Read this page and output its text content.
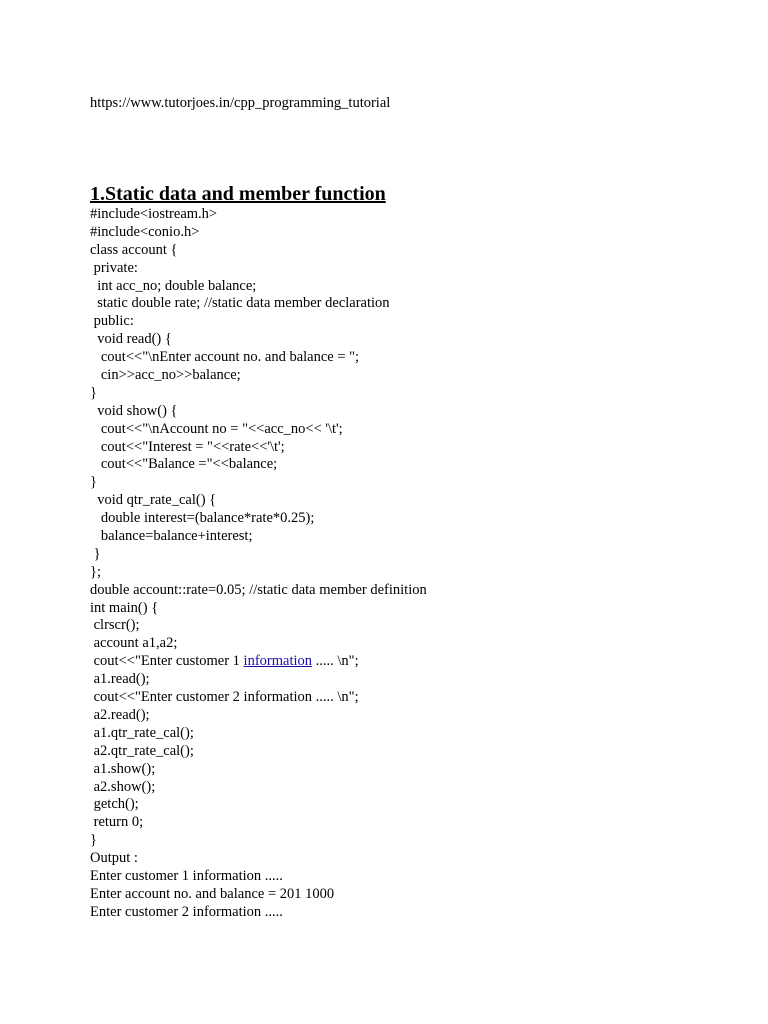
https://www.tutorjoes.in/cpp_programming_tutorial
1.Static data and member function
#include<iostream.h>
#include<conio.h>
class account {
private:
int acc_no; double balance;
static double rate; //static data member declaration
public:
void read() {
cout<<"\nEnter account no. and balance = ";
cin>>acc_no>>balance;
}
void show() {
cout<<"\nAccount no = "<<acc_no<< '\t';
cout<<"Interest = "<<rate<<'\t';
cout<<"Balance ="<<balance;
}
void qtr_rate_cal() {
double interest=(balance*rate*0.25);
balance=balance+interest;
}
};
double account::rate=0.05; //static data member definition
int main() {
clrscr();
account a1,a2;
cout<<"Enter customer 1 information ..... \n";
a1.read();
cout<<"Enter customer 2 information ..... \n";
a2.read();
a1.qtr_rate_cal();
a2.qtr_rate_cal();
a1.show();
a2.show();
getch();
return 0;
}
Output :
Enter customer 1 information .....
Enter account no. and balance = 201 1000
Enter customer 2 information .....
